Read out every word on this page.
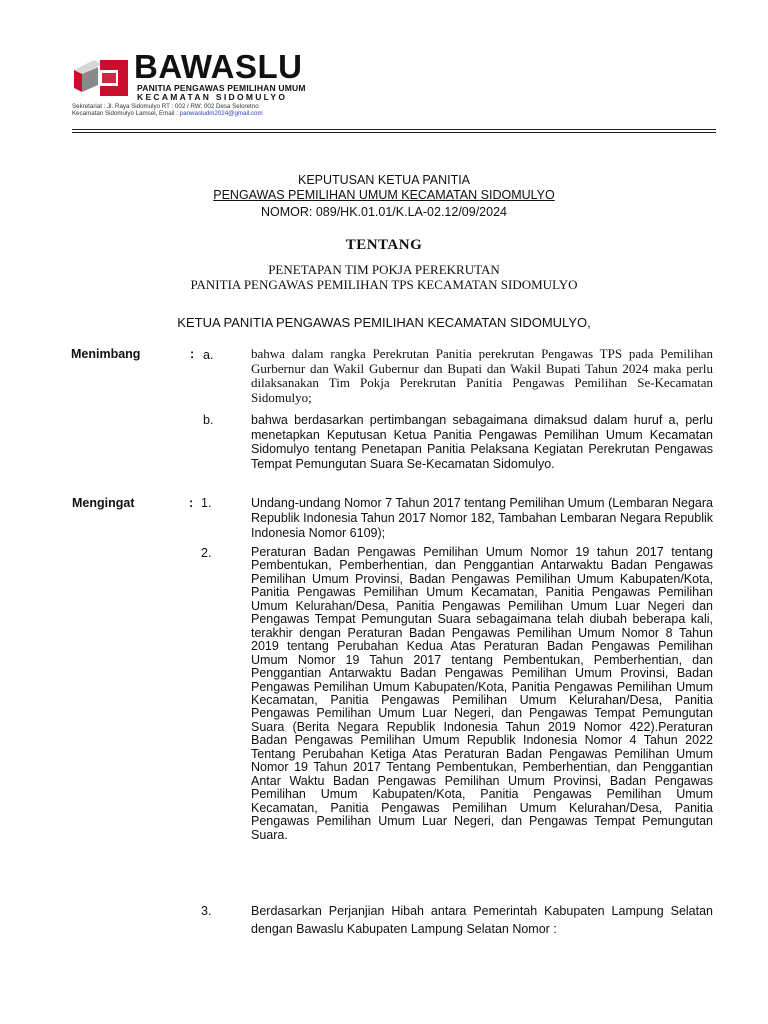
BAWASLU
PANITIA PENGAWAS PEMILIHAN UMUM
KECAMATAN SIDOMULYO
Sekretariat : Jl. Raya Sidomulyo RT : 002 / RW: 002 Desa Seloretno
Kecamatan Sidomulyo Lamsel, Email : panwasludm2024@gmail.com
KEPUTUSAN KETUA PANITIA
PENGAWAS PEMILIHAN UMUM KECAMATAN SIDOMULYO
NOMOR: 089/HK.01.01/K.LA-02.12/09/2024
TENTANG
PENETAPAN TIM POKJA PEREKRUTAN
PANITIA PENGAWAS PEMILIHAN TPS KECAMATAN SIDOMULYO
KETUA PANITIA PENGAWAS PEMILIHAN KECAMATAN SIDOMULYO,
Menimbang	: a.	bahwa dalam rangka Perekrutan Panitia perekrutan Pengawas TPS pada Pemilihan Gurbernur dan Wakil Gubernur dan Bupati dan Wakil Bupati Tahun 2024 maka perlu dilaksanakan Tim Pokja Perekrutan Panitia Pengawas Pemilihan Se-Kecamatan Sidomulyo;
b.	bahwa berdasarkan pertimbangan sebagaimana dimaksud dalam huruf a, perlu menetapkan Keputusan Ketua Panitia Pengawas Pemilihan Umum Kecamatan Sidomulyo tentang Penetapan Panitia Pelaksana Kegiatan Perekrutan Pengawas Tempat Pemungutan Suara Se-Kecamatan Sidomulyo.
Mengingat	: 1.	Undang-undang Nomor 7 Tahun 2017 tentang Pemilihan Umum (Lembaran Negara Republik Indonesia Tahun 2017 Nomor 182, Tambahan Lembaran Negara Republik Indonesia Nomor 6109);
2.	Peraturan Badan Pengawas Pemilihan Umum Nomor 19 tahun 2017 tentang Pembentukan, Pemberhentian, dan Penggantian Antarwaktu Badan Pengawas Pemilihan Umum Provinsi, Badan Pengawas Pemilihan Umum Kabupaten/Kota, Panitia Pengawas Pemilihan Umum Kecamatan, Panitia Pengawas Pemilihan Umum Kelurahan/Desa, Panitia Pengawas Pemilihan Umum Luar Negeri dan Pengawas Tempat Pemungutan Suara sebagaimana telah diubah beberapa kali, terakhir dengan Peraturan Badan Pengawas Pemilihan Umum Nomor 8 Tahun 2019 tentang Perubahan Kedua Atas Peraturan Badan Pengawas Pemilihan Umum Nomor 19 Tahun 2017 tentang Pembentukan, Pemberhentian, dan Penggantian Antarwaktu Badan Pengawas Pemilihan Umum Provinsi, Badan Pengawas Pemilihan Umum Kabupaten/Kota, Panitia Pengawas Pemilihan Umum Kecamatan, Panitia Pengawas Pemilihan Umum Kelurahan/Desa, Panitia Pengawas Pemilihan Umum Luar Negeri, dan Pengawas Tempat Pemungutan Suara (Berita Negara Republik Indonesia Tahun 2019 Nomor 422).Peraturan Badan Pengawas Pemilihan Umum Republik Indonesia Nomor 4 Tahun 2022 Tentang Perubahan Ketiga Atas Peraturan Badan Pengawas Pemilihan Umum Nomor 19 Tahun 2017 Tentang Pembentukan, Pemberhentian, dan Penggantian Antar Waktu Badan Pengawas Pemilihan Umum Provinsi, Badan Pengawas Pemilihan Umum Kabupaten/Kota, Panitia Pengawas Pemilihan Umum Kecamatan, Panitia Pengawas Pemilihan Umum Kelurahan/Desa, Panitia Pengawas Pemilihan Umum Luar Negeri, dan Pengawas Tempat Pemungutan Suara.
3.	Berdasarkan Perjanjian Hibah antara Pemerintah Kabupaten Lampung Selatan dengan Bawaslu Kabupaten Lampung Selatan Nomor :
